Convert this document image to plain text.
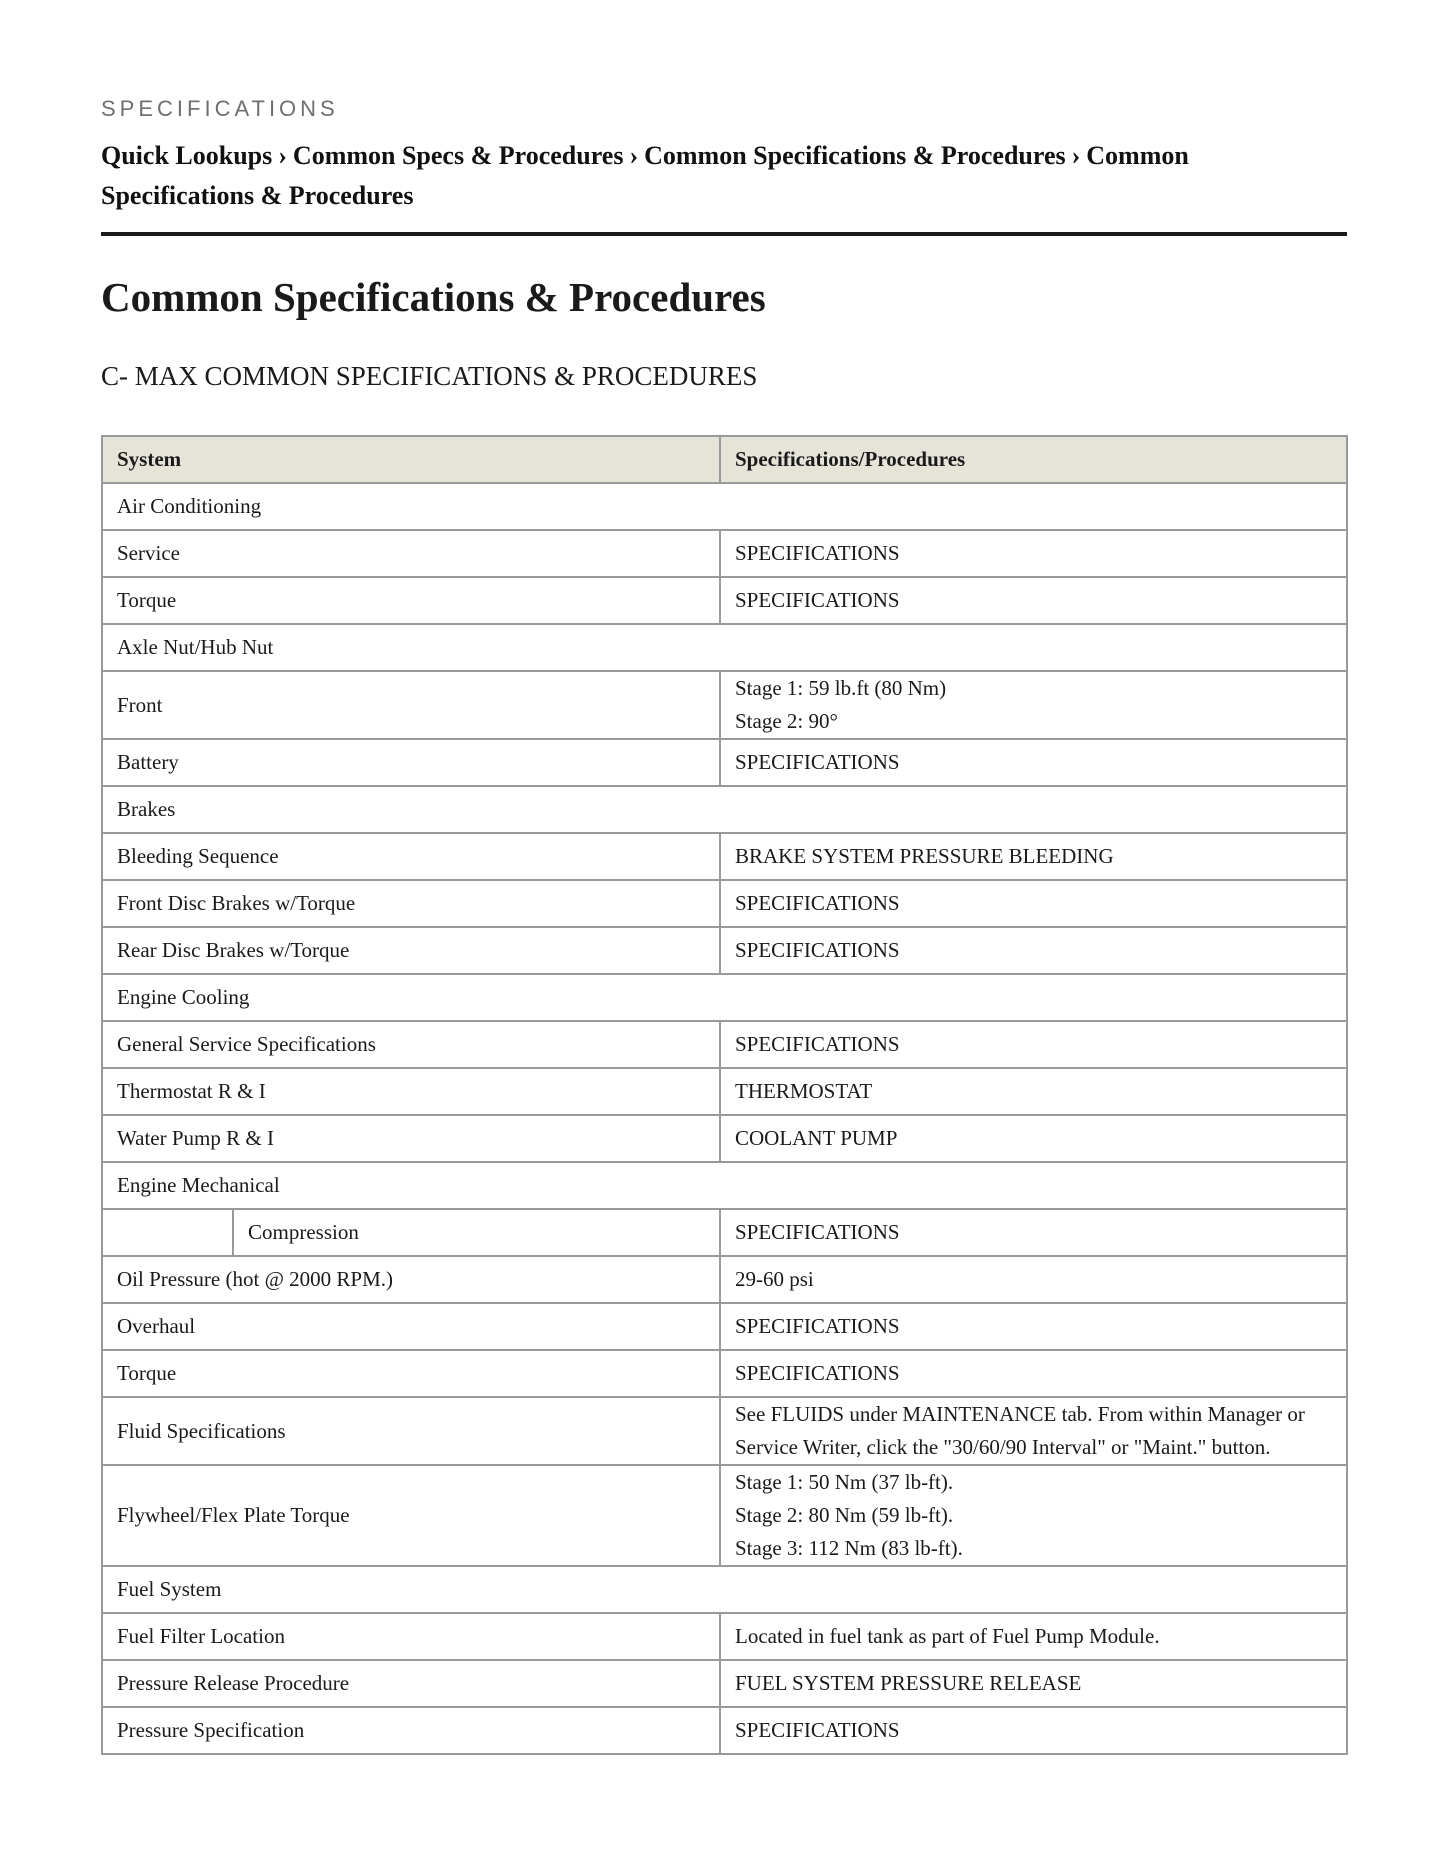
SPECIFICATIONS
Quick Lookups › Common Specs & Procedures › Common Specifications & Procedures › Common Specifications & Procedures
Common Specifications & Procedures
C- MAX COMMON SPECIFICATIONS & PROCEDURES
System	Specifications/Procedures
Air Conditioning	
Service	SPECIFICATIONS
Torque	SPECIFICATIONS
Axle Nut/Hub Nut	
Front	Stage 1: 59 lb.ft (80 Nm)
Stage 2: 90°

Battery	SPECIFICATIONS
Brakes	
Bleeding Sequence	BRAKE SYSTEM PRESSURE BLEEDING
Front Disc Brakes w/Torque	SPECIFICATIONS
Rear Disc Brakes w/Torque	SPECIFICATIONS
Engine Cooling	
General Service Specifications	SPECIFICATIONS
Thermostat R & I	THERMOSTAT
Water Pump R & I	COOLANT PUMP
Engine Mechanical	

Compression	SPECIFICATIONS
Oil Pressure (hot @ 2000 RPM.)	29-60 psi
Overhaul	SPECIFICATIONS
Torque	SPECIFICATIONS
Fluid Specifications	See FLUIDS under MAINTENANCE tab. From within Manager or
Service Writer, click the "30/60/90 Interval" or "Maint." button.

Flywheel/Flex Plate Torque	Stage 1: 50 Nm (37 lb-ft).
Stage 2: 80 Nm (59 lb-ft).
Stage 3: 112 Nm (83 lb-ft).

Fuel System	
Fuel Filter Location	Located in fuel tank as part of Fuel Pump Module.
Pressure Release Procedure	FUEL SYSTEM PRESSURE RELEASE
Pressure Specification	SPECIFICATIONS
